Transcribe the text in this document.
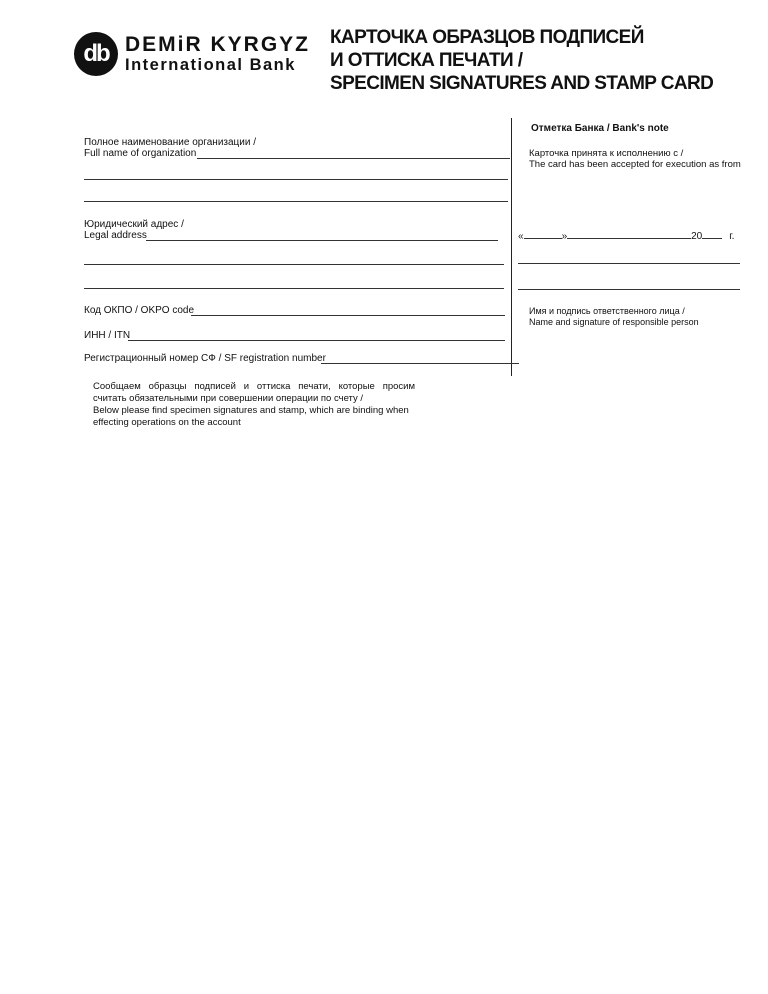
db DEMiR KYRGYZ
International Bank
КАРТОЧКА ОБРАЗЦОВ ПОДПИСЕЙ
И ОТТИСКА ПЕЧАТИ /
SPECIMEN SIGNATURES AND STAMP CARD
Полное наименование организации /
Full name of organization
Юридический адрес /
Legal address
Код ОКПО / OKPO code
ИНН / ITN
Регистрационный номер СФ / SF registration number
Сообщаем образцы подписей и оттиска печати, которые просим
считать обязательными при совершении операции по счету /
Below please find specimen signatures and stamp, which are binding when
effecting operations on the account
Отметка Банка / Bank's note
Карточка принята к исполнению с /
The card has been accepted for execution as from
«	»	20	г.
Имя и подпись ответственного лица /
Name and signature of responsible person
